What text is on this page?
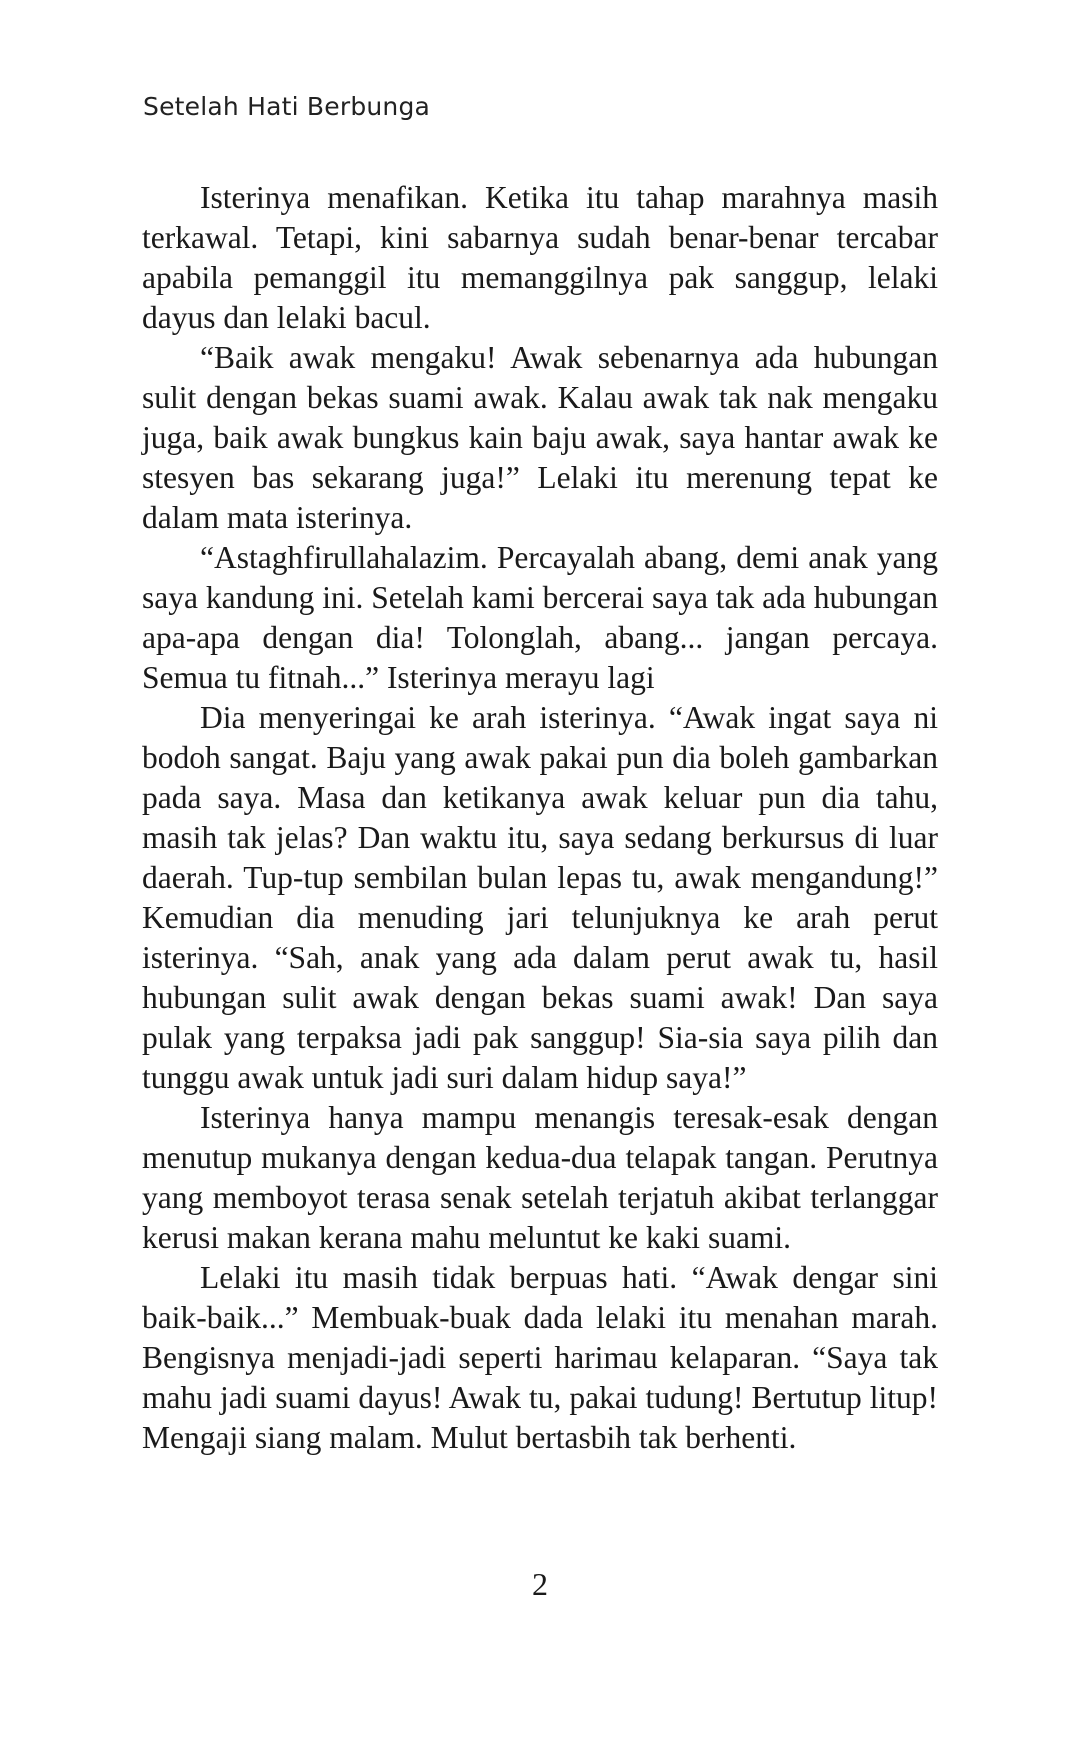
Setelah Hati Berbunga

Isterinya menafikan. Ketika itu tahap marahnya masih terkawal. Tetapi, kini sabarnya sudah benar-benar tercabar apabila pemanggil itu memanggilnya pak sanggup, lelaki dayus dan lelaki bacul.

“Baik awak mengaku! Awak sebenarnya ada hubungan sulit dengan bekas suami awak. Kalau awak tak nak mengaku juga, baik awak bungkus kain baju awak, saya hantar awak ke stesyen bas sekarang juga!” Lelaki itu merenung tepat ke dalam mata isterinya.

“Astaghfirullahalazim. Percayalah abang, demi anak yang saya kandung ini. Setelah kami bercerai saya tak ada hubungan apa-apa dengan dia! Tolonglah, abang... jangan percaya. Semua tu fitnah...” Isterinya merayu lagi

Dia menyeringai ke arah isterinya. “Awak ingat saya ni bodoh sangat. Baju yang awak pakai pun dia boleh gambarkan pada saya. Masa dan ketikanya awak keluar pun dia tahu, masih tak jelas? Dan waktu itu, saya sedang berkursus di luar daerah. Tup-tup sembilan bulan lepas tu, awak mengandung!” Kemudian dia menuding jari telunjuknya ke arah perut isterinya. “Sah, anak yang ada dalam perut awak tu, hasil hubungan sulit awak dengan bekas suami awak! Dan saya pulak yang terpaksa jadi pak sanggup! Sia-sia saya pilih dan tunggu awak untuk jadi suri dalam hidup saya!”

Isterinya hanya mampu menangis teresak-esak dengan menutup mukanya dengan kedua-dua telapak tangan. Perutnya yang memboyot terasa senak setelah terjatuh akibat terlanggar kerusi makan kerana mahu meluntut ke kaki suami.

Lelaki itu masih tidak berpuas hati. “Awak dengar sini baik-baik...” Membuak-buak dada lelaki itu menahan marah. Bengisnya menjadi-jadi seperti harimau kelaparan. “Saya tak mahu jadi suami dayus! Awak tu, pakai tudung! Bertutup litup! Mengaji siang malam. Mulut bertasbih tak berhenti.

2
